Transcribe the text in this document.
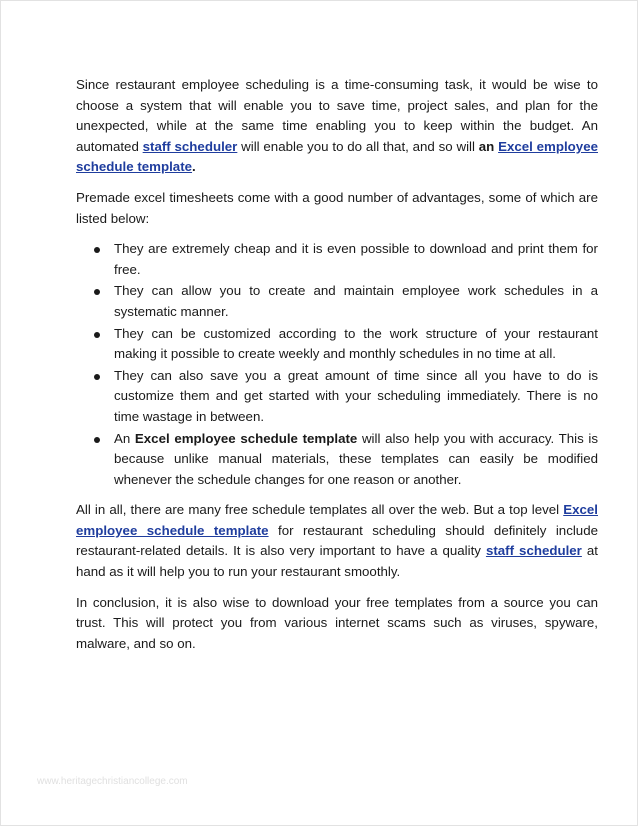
Since restaurant employee scheduling is a time-consuming task, it would be wise to choose a system that will enable you to save time, project sales, and plan for the unexpected, while at the same time enabling you to keep within the budget. An automated staff scheduler will enable you to do all that, and so will an Excel employee schedule template.

Premade excel timesheets come with a good number of advantages, some of which are listed below:

They are extremely cheap and it is even possible to download and print them for free.
They can allow you to create and maintain employee work schedules in a systematic manner.
They can be customized according to the work structure of your restaurant making it possible to create weekly and monthly schedules in no time at all.
They can also save you a great amount of time since all you have to do is customize them and get started with your scheduling immediately. There is no time wastage in between.
An Excel employee schedule template will also help you with accuracy. This is because unlike manual materials, these templates can easily be modified whenever the schedule changes for one reason or another.

All in all, there are many free schedule templates all over the web. But a top level Excel employee schedule template for restaurant scheduling should definitely include restaurant-related details. It is also very important to have a quality staff scheduler at hand as it will help you to run your restaurant smoothly.

In conclusion, it is also wise to download your free templates from a source you can trust. This will protect you from various internet scams such as viruses, spyware, malware, and so on.

www.heritagechristiancollege.com
